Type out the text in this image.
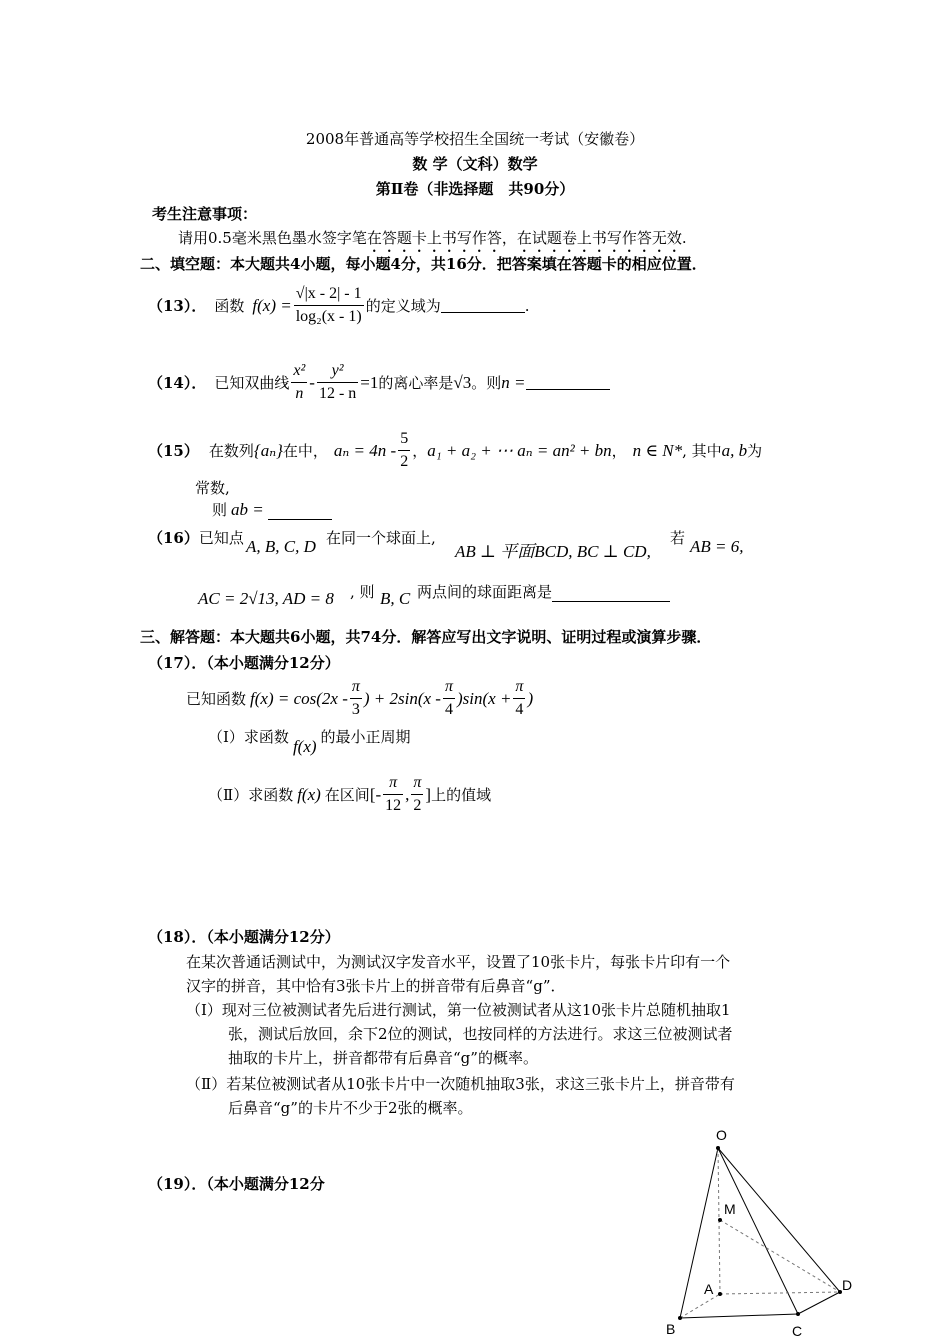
2008年普通高等学校招生全国统一考试（安徽卷）
数 学（文科）数学
第Ⅱ卷（非选择题　共90分）
考生注意事项：
请用0.5毫米黑色墨水签字笔在答题卡上书写作答，在试题卷上书写作答无效.
二、填空题：本大题共4小题，每小题4分，共16分．把答案填在答题卡的相应位置．
（13）． 函数 $f(x) = \frac{√|x - 2| - 1}{\text{log₂(x - 1)}}$ 的定义域为	.
（14）． 已知双曲线 $\frac{\text{x²}}{n} - \frac{\text{y²}}{12 - n} =1$ 的离心率是 √3 。则 n =
（15） 在数列 {aₙ} 在中， $a_n = 4n - \frac{5}{2}$ ， a₁ + a₂ + ⋯ aₙ = an² + bn ， n ∈ N* , 其中 a, b 为
常数,
则 ab =
（16）已知点 A, B, C, D 在同一个球面上,
AB ⊥ 平面BCD, BC ⊥ CD,
若 AB = 6,
AC = 2√13, AD = 8 , 则 B, C 两点间的球面距离是
三、解答题：本大题共6小题，共74分．解答应写出文字说明、证明过程或演算步骤．
（17）．（本小题满分12分）
已知函数 $f(x) = \cos(2x - \frac{\pi}{3}$ ) + $2\sin(x - \frac{\pi}{4} )\sin(x + \frac{\pi}{4}$ )
（Ⅰ）求函数 f(x) 的最小正周期
（Ⅱ）求函数 f(x) 在区间 [- $\frac{\pi}{12}$ , $\frac{\pi}{2}$ ] 上的值域
（18）．（本小题满分12分）
在某次普通话测试中，为测试汉字发音水平，设置了10张卡片，每张卡片印有一个
汉字的拼音，其中恰有3张卡片上的拼音带有后鼻音“g”．
（Ⅰ）现对三位被测试者先后进行测试，第一位被测试者从这10张卡片总随机抽取1
张，测试后放回，余下2位的测试，也按同样的方法进行。求这三位被测试者
抽取的卡片上，拼音都带有后鼻音“g”的概率。
（Ⅱ）若某位被测试者从10张卡片中一次随机抽取3张，求这三张卡片上，拼音带有
后鼻音“g”的卡片不少于2张的概率。
（19）．（本小题满分12分
O
M
A
B	C
D
